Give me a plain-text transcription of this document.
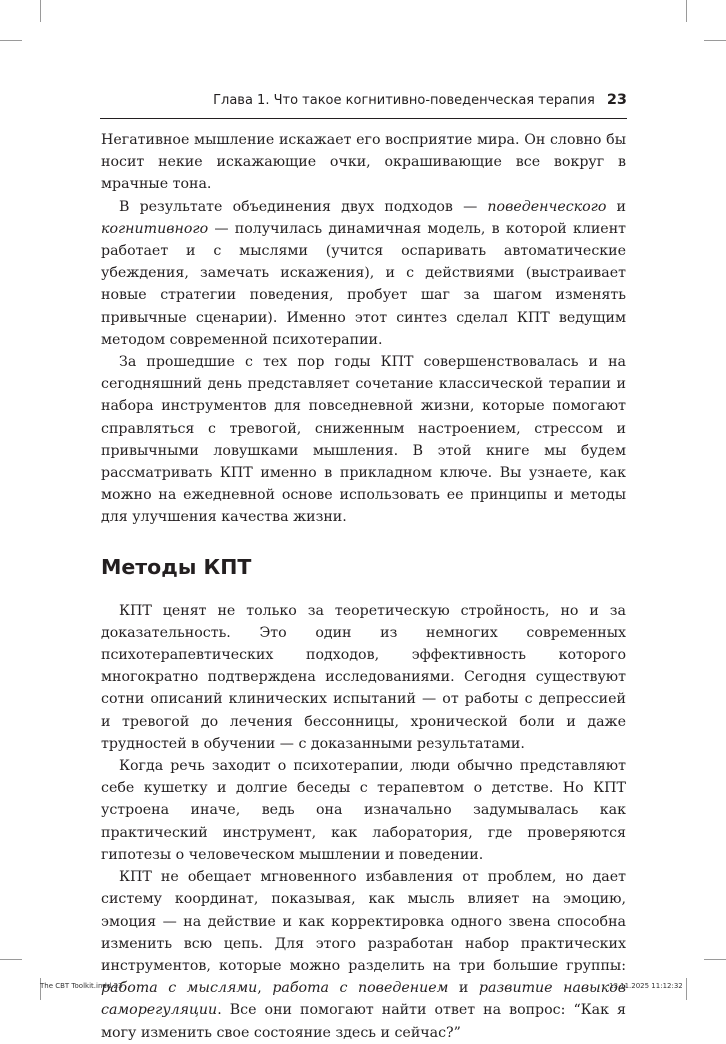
Глава 1. Что такое когнитивно-поведенческая терапия 23

Негативное мышление искажает его восприятие мира. Он словно бы носит некие искажающие очки, окрашивающие все вокруг в мрачные тона.

В результате объединения двух подходов — поведенческого и когнитивного — получилась динамичная модель, в которой клиент работает и с мыслями (учится оспаривать автоматические убеждения, замечать искажения), и с действиями (выстраивает новые стратегии поведения, пробует шаг за шагом изменять привычные сценарии). Именно этот синтез сделал КПТ ведущим методом современной психотерапии.

За прошедшие с тех пор годы КПТ совершенствовалась и на сегодняшний день представляет сочетание классической терапии и набора инструментов для повседневной жизни, которые помогают справляться с тревогой, сниженным настроением, стрессом и привычными ловушками мышления. В этой книге мы будем рассматривать КПТ именно в прикладном ключе. Вы узнаете, как можно на ежедневной основе использовать ее принципы и методы для улучшения качества жизни.

Методы КПТ

КПТ ценят не только за теоретическую стройность, но и за доказательность. Это один из немногих современных психотерапевтических подходов, эффективность которого многократно подтверждена исследованиями. Сегодня существуют сотни описаний клинических испытаний — от работы с депрессией и тревогой до лечения бессонницы, хронической боли и даже трудностей в обучении — с доказанными результатами.

Когда речь заходит о психотерапии, люди обычно представляют себе кушетку и долгие беседы с терапевтом о детстве. Но КПТ устроена иначе, ведь она изначально задумывалась как практический инструмент, как лаборатория, где проверяются гипотезы о человеческом мышлении и поведении.

КПТ не обещает мгновенного избавления от проблем, но дает систему координат, показывая, как мысль влияет на эмоцию, эмоция — на действие и как корректировка одного звена способна изменить всю цепь. Для этого разработан набор практических инструментов, которые можно разделить на три большие группы: работа с мыслями, работа с поведением и развитие навыков саморегуляции. Все они помогают найти ответ на вопрос: “Как я могу изменить свое состояние здесь и сейчас?”

The CBT Toolkit.indd 23	13.11.2025 11:12:32
